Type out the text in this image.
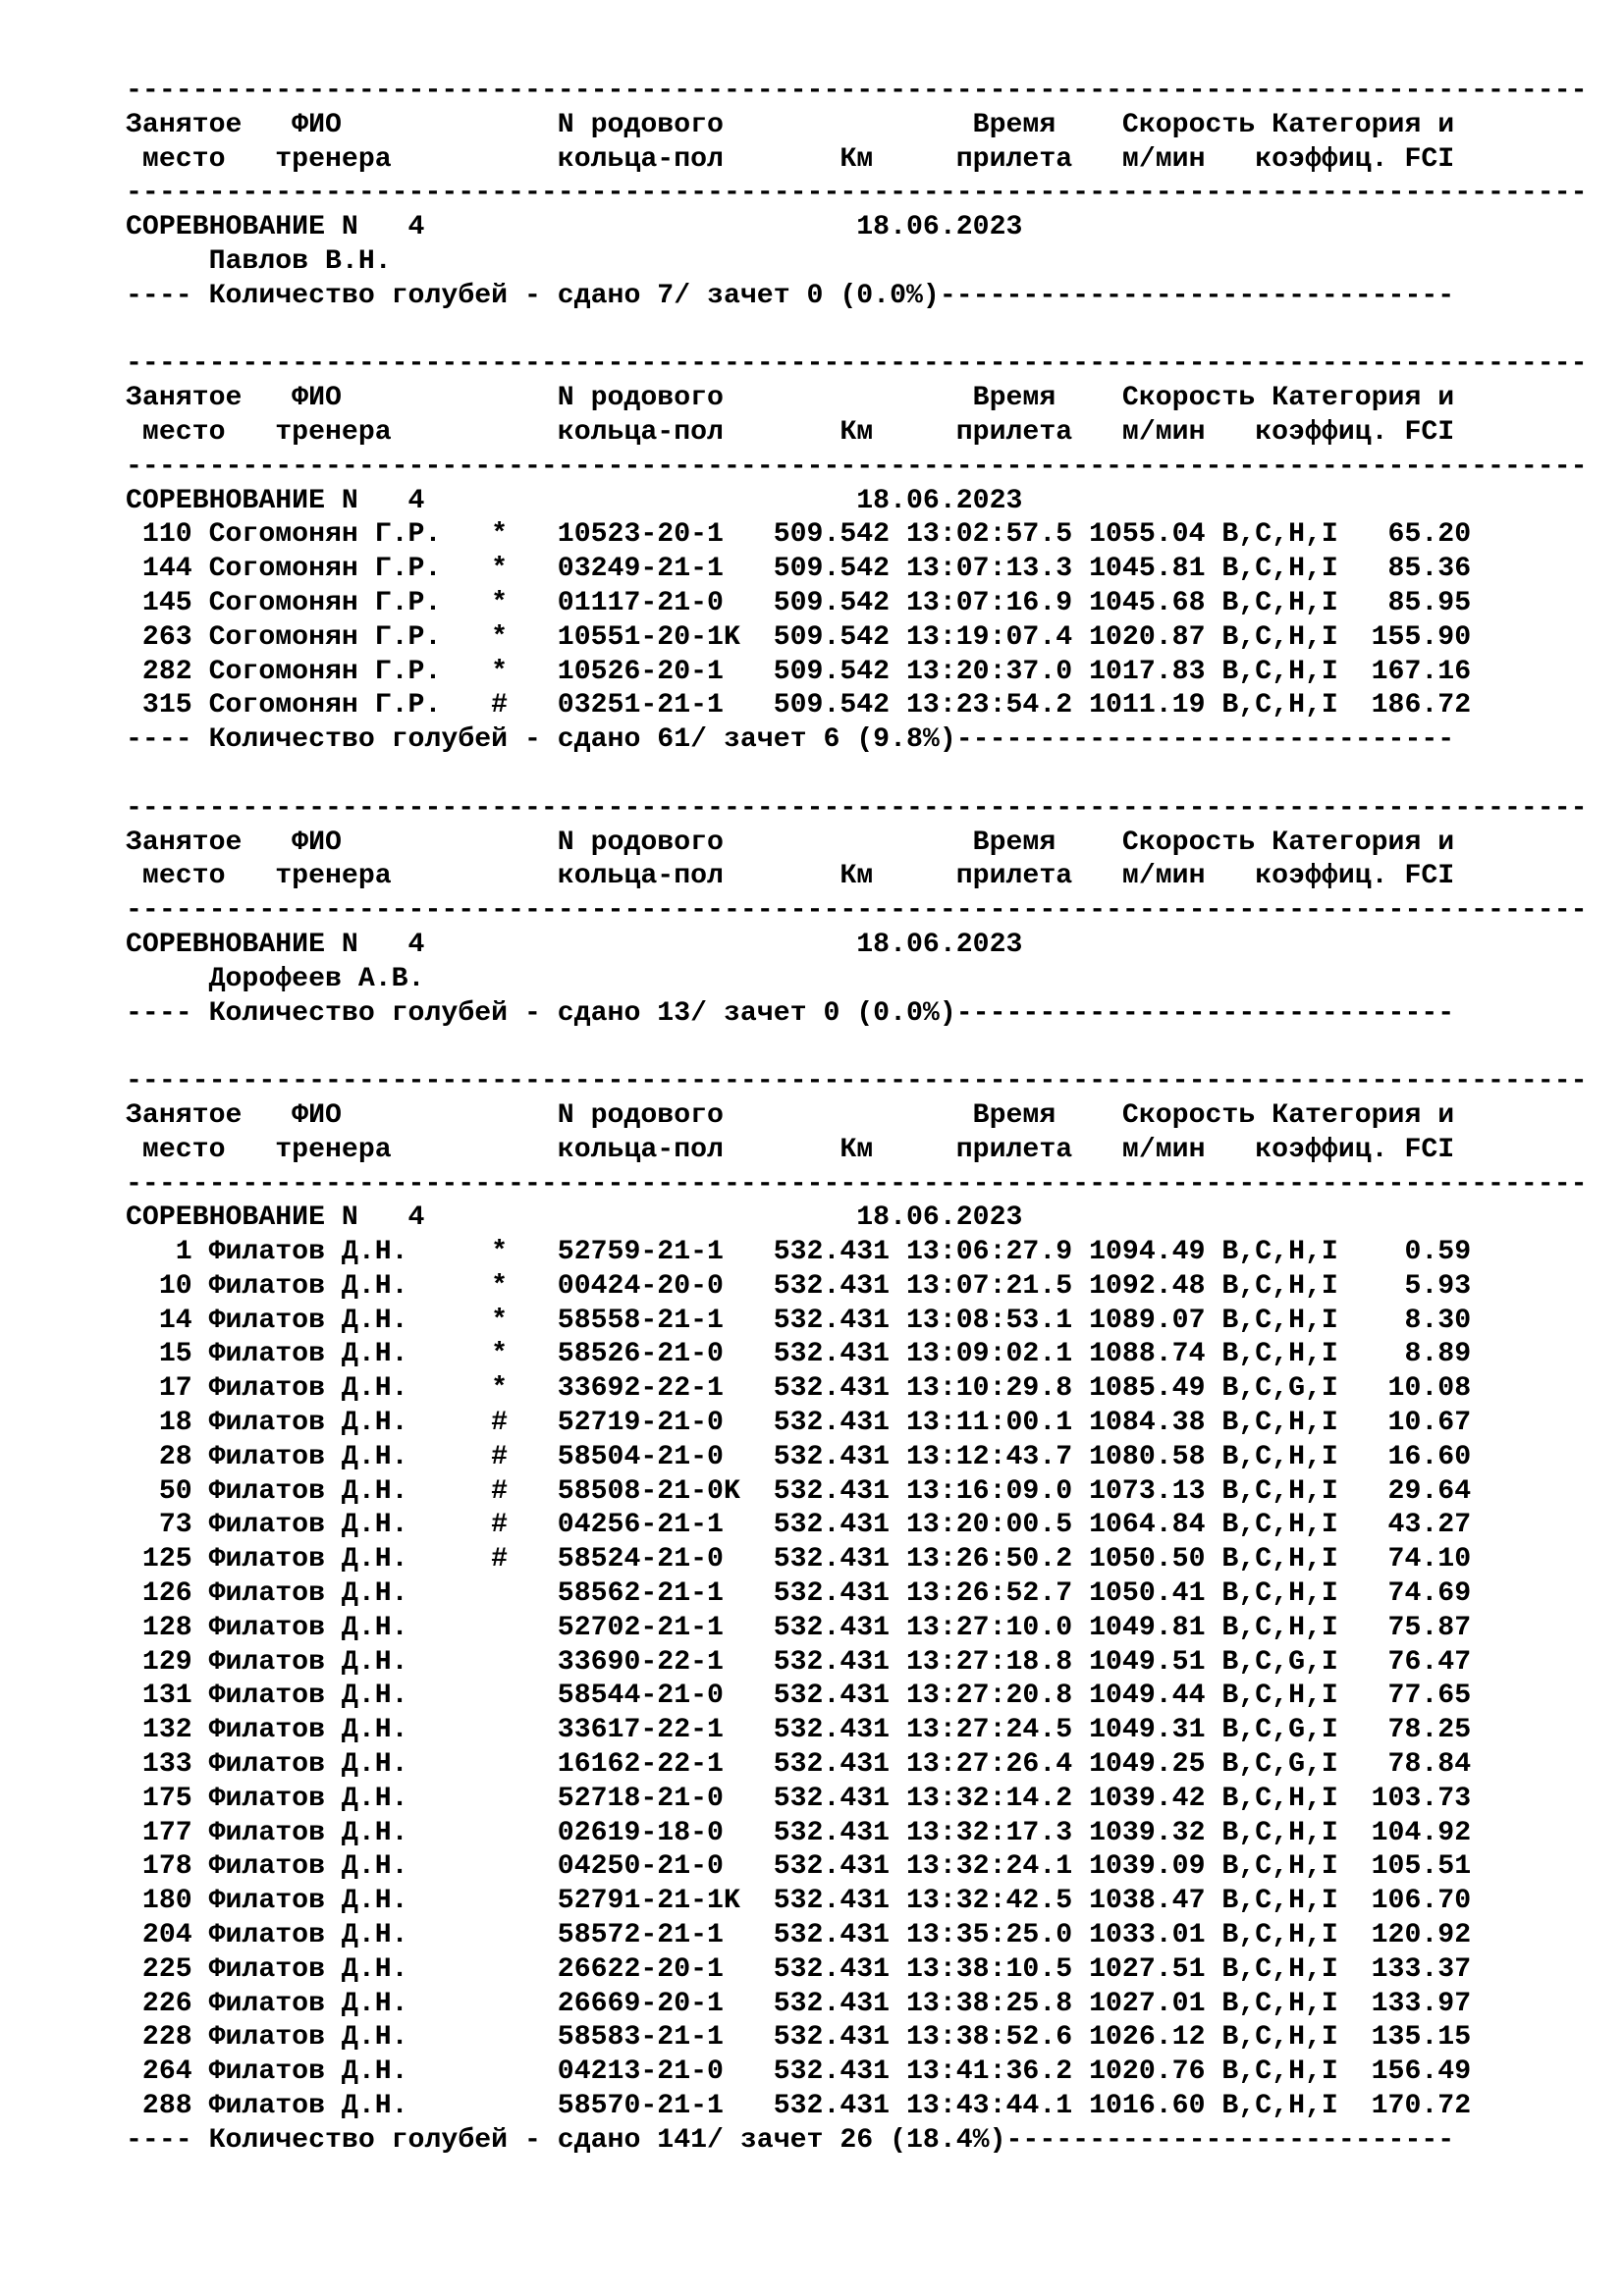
----------------------------------------------------------------------------------------
Занятое   ФИО             N родового               Время    Скорость Категория и
место   тренера          кольца-пол       Км     прилета   м/мин   коэффиц. FCI
----------------------------------------------------------------------------------------
СОРЕВНОВАНИЕ N   4                          18.06.2023
Павлов В.Н.
---- Количество голубей - сдано 7/ зачет 0 (0.0%)-------------------------------
----------------------------------------------------------------------------------------
Занятое   ФИО             N родового               Время    Скорость Категория и
место   тренера          кольца-пол       Км     прилета   м/мин   коэффиц. FCI
----------------------------------------------------------------------------------------
СОРЕВНОВАНИЕ N   4                          18.06.2023
110 Согомонян Г.Р.   *   10523-20-1   509.542 13:02:57.5 1055.04 B,C,H,I   65.20
144 Согомонян Г.Р.   *   03249-21-1   509.542 13:07:13.3 1045.81 B,C,H,I   85.36
145 Согомонян Г.Р.   *   01117-21-0   509.542 13:07:16.9 1045.68 B,C,H,I   85.95
263 Согомонян Г.Р.   *   10551-20-1K  509.542 13:19:07.4 1020.87 B,C,H,I  155.90
282 Согомонян Г.Р.   *   10526-20-1   509.542 13:20:37.0 1017.83 B,C,H,I  167.16
315 Согомонян Г.Р.   #   03251-21-1   509.542 13:23:54.2 1011.19 B,C,H,I  186.72
---- Количество голубей - сдано 61/ зачет 6 (9.8%)------------------------------
----------------------------------------------------------------------------------------
Занятое   ФИО             N родового               Время    Скорость Категория и
место   тренера          кольца-пол       Км     прилета   м/мин   коэффиц. FCI
----------------------------------------------------------------------------------------
СОРЕВНОВАНИЕ N   4                          18.06.2023
Дорофеев А.В.
---- Количество голубей - сдано 13/ зачет 0 (0.0%)------------------------------
----------------------------------------------------------------------------------------
Занятое   ФИО             N родового               Время    Скорость Категория и
место   тренера          кольца-пол       Км     прилета   м/мин   коэффиц. FCI
----------------------------------------------------------------------------------------
СОРЕВНОВАНИЕ N   4                          18.06.2023
1 Филатов Д.Н.     *   52759-21-1   532.431 13:06:27.9 1094.49 B,C,H,I    0.59
10 Филатов Д.Н.     *   00424-20-0   532.431 13:07:21.5 1092.48 B,C,H,I    5.93
14 Филатов Д.Н.     *   58558-21-1   532.431 13:08:53.1 1089.07 B,C,H,I    8.30
15 Филатов Д.Н.     *   58526-21-0   532.431 13:09:02.1 1088.74 B,C,H,I    8.89
17 Филатов Д.Н.     *   33692-22-1   532.431 13:10:29.8 1085.49 B,C,G,I   10.08
18 Филатов Д.Н.     #   52719-21-0   532.431 13:11:00.1 1084.38 B,C,H,I   10.67
28 Филатов Д.Н.     #   58504-21-0   532.431 13:12:43.7 1080.58 B,C,H,I   16.60
50 Филатов Д.Н.     #   58508-21-0K  532.431 13:16:09.0 1073.13 B,C,H,I   29.64
73 Филатов Д.Н.     #   04256-21-1   532.431 13:20:00.5 1064.84 B,C,H,I   43.27
125 Филатов Д.Н.     #   58524-21-0   532.431 13:26:50.2 1050.50 B,C,H,I   74.10
126 Филатов Д.Н.         58562-21-1   532.431 13:26:52.7 1050.41 B,C,H,I   74.69
128 Филатов Д.Н.         52702-21-1   532.431 13:27:10.0 1049.81 B,C,H,I   75.87
129 Филатов Д.Н.         33690-22-1   532.431 13:27:18.8 1049.51 B,C,G,I   76.47
131 Филатов Д.Н.         58544-21-0   532.431 13:27:20.8 1049.44 B,C,H,I   77.65
132 Филатов Д.Н.         33617-22-1   532.431 13:27:24.5 1049.31 B,C,G,I   78.25
133 Филатов Д.Н.         16162-22-1   532.431 13:27:26.4 1049.25 B,C,G,I   78.84
175 Филатов Д.Н.         52718-21-0   532.431 13:32:14.2 1039.42 B,C,H,I  103.73
177 Филатов Д.Н.         02619-18-0   532.431 13:32:17.3 1039.32 B,C,H,I  104.92
178 Филатов Д.Н.         04250-21-0   532.431 13:32:24.1 1039.09 B,C,H,I  105.51
180 Филатов Д.Н.         52791-21-1K  532.431 13:32:42.5 1038.47 B,C,H,I  106.70
204 Филатов Д.Н.         58572-21-1   532.431 13:35:25.0 1033.01 B,C,H,I  120.92
225 Филатов Д.Н.         26622-20-1   532.431 13:38:10.5 1027.51 B,C,H,I  133.37
226 Филатов Д.Н.         26669-20-1   532.431 13:38:25.8 1027.01 B,C,H,I  133.97
228 Филатов Д.Н.         58583-21-1   532.431 13:38:52.6 1026.12 B,C,H,I  135.15
264 Филатов Д.Н.         04213-21-0   532.431 13:41:36.2 1020.76 B,C,H,I  156.49
288 Филатов Д.Н.         58570-21-1   532.431 13:43:44.1 1016.60 B,C,H,I  170.72
---- Количество голубей - сдано 141/ зачет 26 (18.4%)---------------------------
